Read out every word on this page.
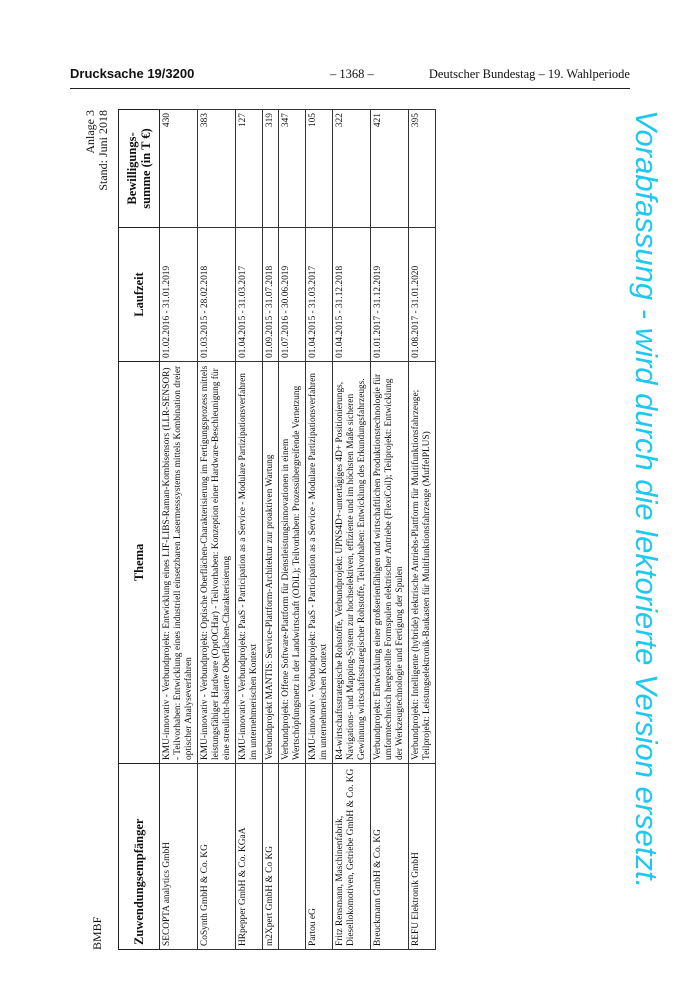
Drucksache 19/3200	– 1368 –	Deutscher Bundestag – 19. Wahlperiode
BMBF
Anlage 3 Stand: Juni 2018
Zuwendungsempfänger	Thema	Laufzeit	Bewilligungs-summe (in T €)
SECOPTA analytics GmbH	KMU-innovativ - Verbundprojekt: Entwicklung eines LIF-LIBS-Raman-Kombisensors (LLR-SENSOR) - Teilvorhaben: Entwicklung eines industriell einsetzbaren Lasermesssystems mittels Kombination dreier optischer Analyseverfahren	01.02.2016 - 31.01.2019	430
CoSynth GmbH & Co. KG	KMU-innovativ - Verbundprojekt: Optische Oberflächen-Charakterisierung im Fertigungsprozess mittels leistungsfähiger Hardware (OptOCHar) - Teilvorhaben: Konzeption einer Hardware-Beschleunigung für eine streulicht-basierte Oberflächen-Charakterisierung	01.03.2015 - 28.02.2018	383
HRpepper GmbH & Co. KGaA	KMU-innovativ - Verbundprojekt: PaaS - Participation as a Service - Modulare Partizipationsverfahren im unternehmerischen Kontext	01.04.2015 - 31.03.2017	127
m2Xpert GmbH & Co KG	Verbundprojekt MANTIS: Service-Plattform-Architektur zur proaktiven Wartung	01.09.2015 - 31.07.2018	319
	Verbundprojekt: Offene Software-Plattform für Dienstleistungsinnovationen in einem Wertschöpfungsnetz in der Landwirtschaft (ODiL); Teilvorhaben: Prozessübergreifende Vernetzung	01.07.2016 - 30.06.2019	347
Partou eG	KMU-innovativ - Verbundprojekt: PaaS - Participation as a Service - Modulare Partizipationsverfahren im unternehmerischen Kontext	01.04.2015 - 31.03.2017	105
Fritz Rensmann, Maschinenfabrik, Diesellokomotiven, Getriebe GmbH & Co. KG	R4-wirtschaftsstrategische Rohstoffe, Verbundprojekt: UPNS4D+-untertägiges 4D+ Positionierungs, Navigations- und Mapping-System zur hochselektiven, effiziente und im höchsten Maße sicheren Gewinnung wirtschaftsstrategischer Rohstoffe, Teilvorhaben: Entwicklung des Erkundungsfahrzeugs.	01.04.2015 - 31.12.2018	322
Breuckmann GmbH & Co. KG	Verbundprojekt: Entwicklung einer großserienfähigen und wirtschaftlichen Produktionstechnologie für umformtechnisch hergestellte Formspulen elektrischer Antriebe (FlexiCoil); Teilprojekt: Entwicklung der Werkzeugtechnologie und Fertigung der Spulen	01.01.2017 - 31.12.2019	421
REFU Elektronik GmbH	Verbundprojekt: Intelligente (hybride) elektrische Antriebs-Plattform für Multifunktionsfahrzeuge; Teilprojekt: Leistungselektronik-Baukasten für Multifunktionsfahrzeuge (MuffelPLUS)	01.08.2017 - 31.01.2020	395	Vorabfassung - wird durch die lektorierte Version ersetzt.
